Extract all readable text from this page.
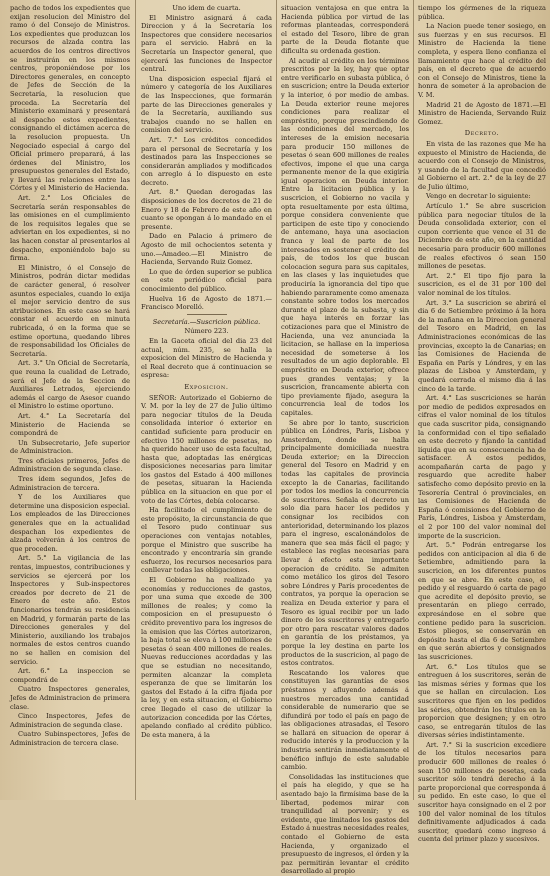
pacho de todos los expedientes que exijan resolucion del Ministro del ramo ó del Consejo de Ministros. Los expedientes que produzcan los recursos de alzada contra las acuerdos de los centros directivos se instruirán en los mismos centros, proponiéndose por los Directores generales, en concepto de Jefes de Sección de la Secretaría, la resolucion que proceda. La Secretaría del Ministerio examinará y presentará al despacho estos expedientes, consignando el dictámen acerca de la resolucion propuesta. Un Negociado especial á cargo del Oficial primero preparará, á las órdenes del Ministro, los presupuestos generales del Estado, y llevará las relaciones entre las Córtes y el Ministerio de Hacienda.

Art. 2.° Los Oficiales de Secretaría serán responsables de las omisiones en el cumplimiento de los requisitos legales que se adviertan en los expedientes, si no las hacen constar al presentarlos al despacho, exponiéndolo bajo su firma.

El Ministro, ó el Consejo de Ministros, podrán dictar medidas de carácter general, ó resolver asuntos especiales, cuando lo exija el mejor servicio dentro de sus atribuciones. En este caso se hará constar el acuerdo en minuta rubricada, ó en la forma que se estime oportuna, quedando libres de responsabilidad los Oficiales de Secretaría.

Art. 3.° Un Oficial de Secretaría, que reuna la cualidad de Letrado, será el Jefe de la Seccion de Auxiliares Letrados, ejerciendo además el cargo de Asesor cuando el Ministro lo estime oportuno.

Art. 4.° La Secretaría del Ministerio de Hacienda se compondrá de

Un Subsecretario, Jefe superior de Administracion.

Tres oficiales primeros, Jefes de Administracion de segunda clase.

Tres idem segundos, Jefes de Administracion de tercera.

Y de los Auxiliares que determine una disposicion especial. Los empleados de las Direcciones generales que en la actualidad despachan los expedientes de alzada volverán á los centros de que proceden.

Art. 5.° La vigilancia de las rentas, impuestos, contribuciones y servicios se ejercerá por los Inspectores y Sub-inspectores creados por decreto de 21 de Enero de este año. Estos funcionarios tendrán su residencia en Madrid, y formarán parte de las Direcciones generales y del Ministerio, auxiliando los trabajos normales de estos centros cuando no se hallen en comision del servicio.

Art. 6.° La inspeccion se compondrá de

Cuatro Inspectores generales, Jefes de Administracion de primera clase.

Cinco Inspectores, Jefes de Administracion de segunda clase.

Cuatro Subinspectores, Jefes de Administracion de tercera clase.

Uno idem de cuarta.

El Ministro asignará á cada Direccion y á la Secretaría los Inspectores que considere necesarios para el servicio. Habrá en la Secretaría un Inspector general, que ejercerá las funciones de Inspector central.

Una disposicion especial fijará el número y categoría de los Auxiliares de las Inspecciones, que formarán parte de las Direcciones generales y de la Secretaría, auxiliando sus trabajos cuando no se hallen en comision del servicio.

Art. 7.° Los créditos concedidos para el personal de Secretaría y los destinados para las Inspecciones se considerarán ampliados y modificados con arreglo á lo dispuesto en este decreto.

Art. 8.° Quedan derogadas las disposiciones de los decretos de 21 de Enero y 18 de Febrero de este año en cuanto se opongan á lo mandado en el presente.

Dado en Palacio á primero de Agosto de mil ochocientos setenta y uno.—Amadeo.—El Ministro de Hacienda, Servando Ruiz Gomez.

Lo que de órden superior se publica en este periódico oficial para conocimiento del público.

Huelva 16 de Agosto de 1871.—Francisco Morelló.

Secretaría.—Suscricion pública.

Número 223.

En la Gaceta oficial del dia 23 del actual, núm. 235, se halla la exposicion del Ministro de Hacienda y el Real decreto que á continuacion se espresa:

Exposicion.

SEÑOR: Autorizado el Gobierno de V. M. por la ley de 27 de Julio último para negociar títulos de la Deuda consolidada interior ó exterior en cantidad suficiente para producir en efectivo 150 millones de pesetas, no ha querido hacer uso de esta facultad, hasta que, adoptadas las enérgicas disposiciones necesarias para limitar los gastos del Estado á 400 millones de pesetas, situaran la Hacienda pública en la situacion en que por el voto de las Córtes, debía colocarse.

Ha facilitado el cumplimiento de este propósito, la circunstancia de que el Tesoro pudo continuar sus operaciones con ventajas notables, porque el Ministro que suscribe ha encontrado y encontraría sin grande esfuerzo, los recursos necesarios para conllevar todas las obligaciones.

El Gobierno ha realizado ya economías y reducciones de gastos, por una suma que excede de 300 millones de reales; y como la composicion en el presupuesto ó crédito preventivo para los ingresos de la emision que las Córtes autorizaron, la baja total se eleva á 100 millones de pesetas ó sean 400 millones de reales. Nuevas reducciones acordadas y las que se estudian no necesitando, permiten alcanzar la completa esperanza de que se limitarán los gastos del Estado á la cifra fijada por la ley, y en esta situacion, el Gobierno cree llegado el caso de utilizar la autorizacion concedida por las Córtes, apelando confiado al crédito público. De esta manera, á la

situacion ventajosa en que entra la Hacienda pública por virtud de las reformas planteadas, corresponderá el estado del Tesoro, libre de gran parte de la Deuda flotante que dificulta su ordenada gestion.

Al acudir al crédito en los términos prescritos por la ley, hay que optar entre verificarlo en subasta pública, ó en suscricion; entre la Deuda exterior y la interior, ó por medio de ambas. La Deuda exterior reune mejores condiciones para realizar el empréstito, porque prescindiendo de las condiciones del mercado, los intereses de la emision necesaria para producir 150 millones de pesetas ó sean 600 millones de reales efectivos, impone el que una carga permanente menor de la que exigiría igual operacion en Deuda interior. Entre la licitacion pública y la suscricion, el Gobierno no vacila y opta resueltamente por esta última, porque considera conveniente que participen de este tipo y conociendo de antemano, haya una asociacion franca y leal de parte de los interesados en sostener el crédito del país, de todos los que buscan colocacion segura para sus capitales, en las clases y las inquietudes que produciría la ignorancia del tipo que habiendo pararamente como amenaza constante sobre todos los mercados durante el plazo de la subasta, y sin que haya interés en forzar las cotizaciones para que el Ministro de Hacienda, una vez anunciada la licitacion, se hallase en la imperiosa necesidad de someterse á los resultados de un agio deplorable. El empréstito en Deuda exterior, ofrece pues grandes ventajas; y la suscricion, francamente abierta con tipo previamente fijado, asegura la concurrencia leal de todos los capitales.

Se abre por lo tanto, suscricion pública en Lóndres, París, Lisboa y Amsterdam, donde se halla principalmente domiciliada nuestra Deuda exterior; en la Direccion general del Tesoro en Madrid y en todas las capitales de provincia excepto la de Canarias, facilitando por todos los medios la concurrencia de suscritores. Señala el decreto un solo dia para hacer los pedidos y consignar los recibidos con anterioridad, determinando los plazos para el ingreso, escalonándolos de manera que sea más fácil el pago; y establece las reglas necesarias para llevar á efecto esta importante operacion de crédito. Se admiten como metálico los giros del Tesoro sobre Lóndres y París procedentes de contratos, ya porque la operacion se realiza en Deuda exterior y para el Tesoro es igual recibir por un lado dinero de los suscritores y entregarlo por otro para rescatar valores dados en garantía de los préstamos, ya porque la ley destina en parte los productos de la suscricion, al pago de estos contratos.

Rescatando los valores que constituyen las garantías de esos préstamos y afluyendo además á nuestros mercados una cantidad considerable de numerario que se difundirá por todo el país en pago de las obligaciones atrasadas, el Tesoro se hallará en situacion de operar á reducido interés y la produccion y la industria sentirán inmediatamente el benéfico influjo de este saludable cambio.

Consolidadas las instituciones que el país ha elegido, y que se ha asentado bajo la firmísima base de la libertad, podemos mirar con tranquilidad al porvenir; y es evidente, que limitados los gastos del Estado á nuestras necesidades reales, contado el Gobierno de esta Hacienda, y organizado el presupuesto de ingresos, el órden y la paz permitirán levantar el crédito desarrollado al propio

tiempo los gérmenes de la riqueza pública.

La Nacion puede tener sosiego, en sus fuerzas y en sus recursos. El Ministro de Hacienda la tiene completa, y espera lleno confianza el llamamiento que hace al crédito del país, en el decreto que de acuerdo con el Consejo de Ministros, tiene la honra de someter á la aprobacion de V. M.

Madrid 21 de Agosto de 1871.—El Ministro de Hacienda, Servando Ruiz Gomez.

Decreto.

En vista de las razones que Me ha expuesto el Ministro de Hacienda, de acuerdo con el Consejo de Ministros, y usando de la facultad que concedió al Gobierno el art. 2.° de la ley de 27 de Julio último,

Vengo en decretar lo siguiente:

Artículo 1.° Se abre suscricion pública para negociar títulos de la Deuda consolidada exterior, con el cupon corriente que vence el 31 de Diciembre de este año, en la cantidad necesaria para producir 600 millones de reales efectivos ó sean 150 millones de pesetas.

Art. 2.° El tipo fijo para la suscricion, es el de 31 por 100 del valor nominal de los títulos.

Art. 3.° La suscricion se abrirá el dia 6 de Setiembre próximo á la hora de la mañana en la Direccion general del Tesoro en Madrid, en las Administraciones económicas de las provincias, excepto la de Canarias; en las Comisiones de Hacienda de España en París y Lóndres, y en las plazas de Lisboa y Amsterdam, y quedará cerrada el mismo dia á las cinco de la tarde.

Art. 4.° Las suscriciones se harán por medio de pedidos expresados en cifras el valor nominal de los títulos que cada suscritor pida, consignando la conformidad con el tipo señalado en este decreto y fijando la cantidad líquida que en su consecuencia ha de satisfacer. Á estos pedidos, acompañarán carta de pago y resguardo que acredite haber satisfecho como depósito previo en la Tesorería Central ó provinciales, en las Comisiones de Hacienda de España ó comisiones del Gobierno de París, Lóndres, Lisboa y Amsterdam, el 2 por 100 del valor nominal del importe de la suscricion.

Art. 5.° Podrán entregarse los pedidos con anticipacion al dia 6 de Setiembre, admitiendo para la suscricion, en los diferentes puntos en que se abre. En este caso, el pedido y el resguardo ó carta de pago que acredite el depósito previo, se presentarán en pliego cerrado, expresándose en el sobre que contiene pedido para la suscricion. Estos pliegos, se conservarán en depósito hasta el dia 6 de Setiembre en que serán abiertos y consignados las suscriciones.

Art. 6.° Los títulos que se entreguen á los suscritores, serán de las mismas séries y formas que los que se hallan en circulacion. Los suscritores que fijen en los pedidos las séries, obtendrán los títulos en la proporcion que designen; y en otro caso, se entregarán títulos de las diversas séries indistintamente.

Art. 7.° Si la suscricion excediere de los títulos necesarios para producir 600 millones de reales ó sean 150 millones de pesetas, cada suscritor sólo tendrá derecho á la parte proporcional que corresponda á su pedido. En este caso, lo que el suscritor haya consignado en el 2 por 100 del valor nominal de los títulos definitivamente adjudicados á cada suscritor, quedará como ingreso á cuenta del primer plazo y sucesivos.
